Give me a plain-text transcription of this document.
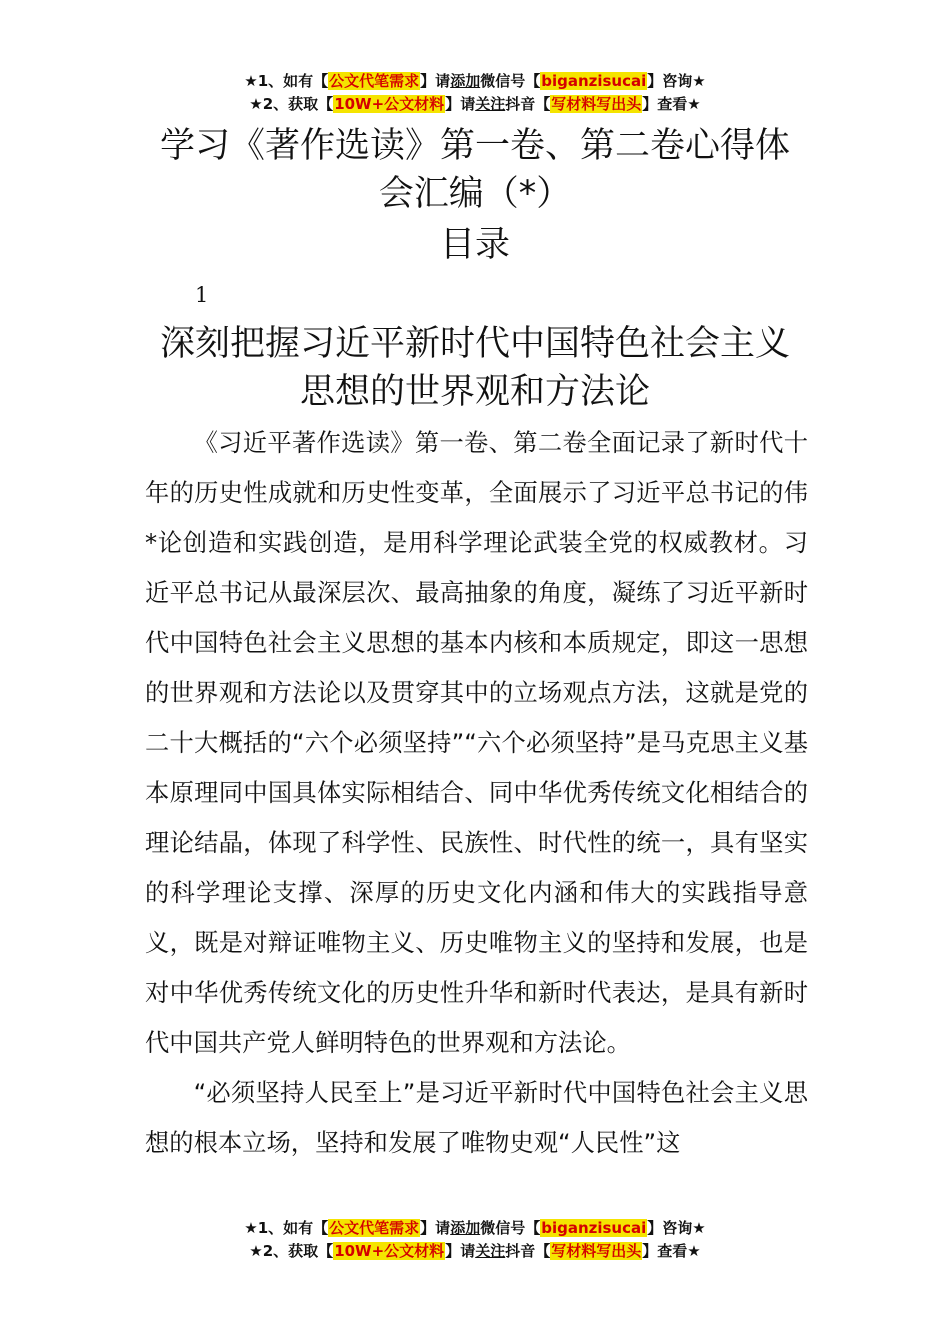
★1、如有【公文代笔需求】请添加微信号【biganzisucai】咨询★
★2、获取【10W+公文材料】请关注抖音【写材料写出头】查看★
学习《著作选读》第一卷、第二卷心得体
会汇编（*）
目录
1
深刻把握习近平新时代中国特色社会主义
思想的世界观和方法论

《习近平著作选读》第一卷、第二卷全面记录了新时代十年的历史性成就和历史性变革，全面展示了习近平总书记的伟*论创造和实践创造，是用科学理论武装全党的权威教材。习近平总书记从最深层次、最高抽象的角度，凝练了习近平新时代中国特色社会主义思想的基本内核和本质规定，即这一思想的世界观和方法论以及贯穿其中的立场观点方法，这就是党的二十大概括的“六个必须坚持”“六个必须坚持”是马克思主义基本原理同中国具体实际相结合、同中华优秀传统文化相结合的理论结晶，体现了科学性、民族性、时代性的统一，具有坚实的科学理论支撑、深厚的历史文化内涵和伟大的实践指导意义，既是对辩证唯物主义、历史唯物主义的坚持和发展，也是对中华优秀传统文化的历史性升华和新时代表达，是具有新时代中国共产党人鲜明特色的世界观和方法论。

“必须坚持人民至上”是习近平新时代中国特色社会主义思想的根本立场，坚持和发展了唯物史观“人民性”这

★1、如有【公文代笔需求】请添加微信号【biganzisucai】咨询★
★2、获取【10W+公文材料】请关注抖音【写材料写出头】查看★
